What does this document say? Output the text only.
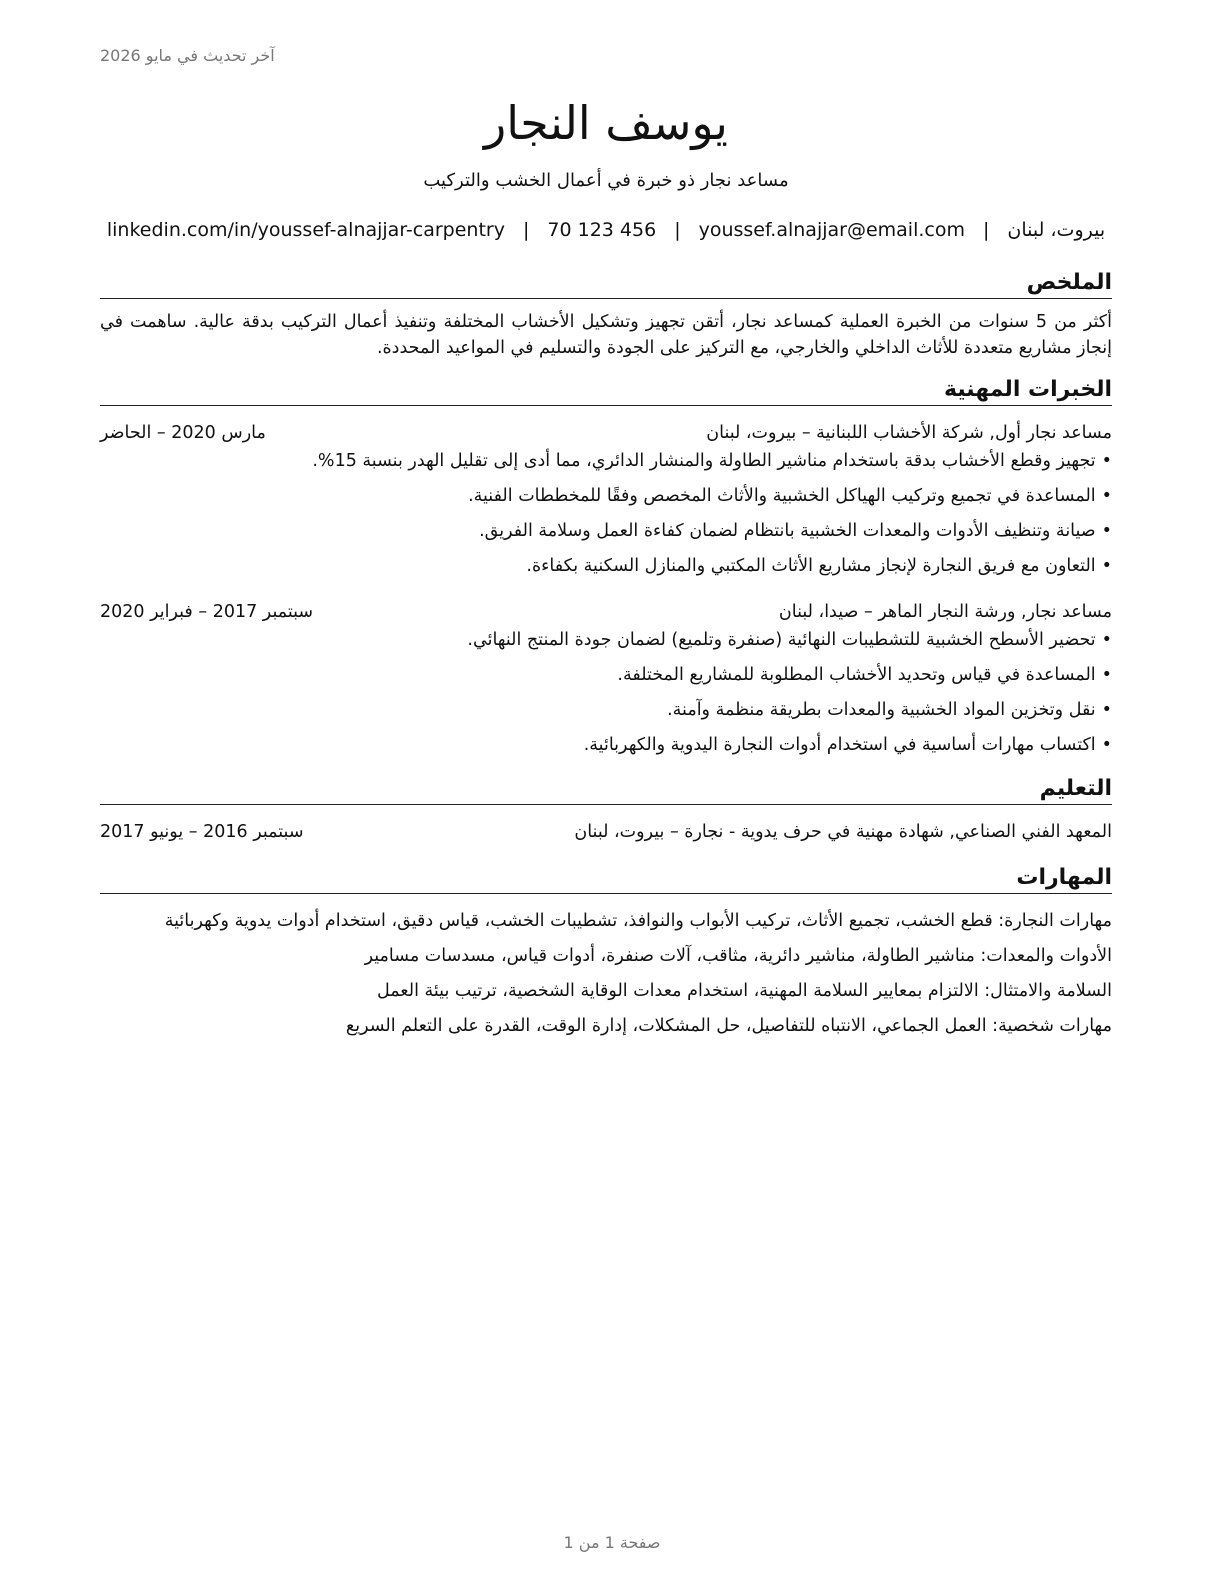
آخر تحديث في مايو 2026
يوسف النجار
مساعد نجار ذو خبرة في أعمال الخشب والتركيب
بيروت، لبنان
|
youssef.alnajjar@email.com
|
70 123 456
|
linkedin.com/in/youssef-alnajjar-carpentry
الملخص
أكثر من 5 سنوات من الخبرة العملية كمساعد نجار، أتقن تجهيز وتشكيل الأخشاب المختلفة وتنفيذ أعمال التركيب بدقة عالية. ساهمت في إنجاز مشاريع متعددة للأثاث الداخلي والخارجي، مع التركيز على الجودة والتسليم في المواعيد المحددة.
الخبرات المهنية
مساعد نجار أول, شركة الأخشاب اللبنانية – بيروت، لبنان
مارس 2020 – الحاضر
•تجهيز وقطع الأخشاب بدقة باستخدام مناشير الطاولة والمنشار الدائري، مما أدى إلى تقليل الهدر بنسبة 15%.
•المساعدة في تجميع وتركيب الهياكل الخشبية والأثاث المخصص وفقًا للمخططات الفنية.
•صيانة وتنظيف الأدوات والمعدات الخشبية بانتظام لضمان كفاءة العمل وسلامة الفريق.
•التعاون مع فريق النجارة لإنجاز مشاريع الأثاث المكتبي والمنازل السكنية بكفاءة.
مساعد نجار, ورشة النجار الماهر – صيدا، لبنان
سبتمبر 2017 – فبراير 2020
•تحضير الأسطح الخشبية للتشطيبات النهائية (صنفرة وتلميع) لضمان جودة المنتج النهائي.
•المساعدة في قياس وتحديد الأخشاب المطلوبة للمشاريع المختلفة.
•نقل وتخزين المواد الخشبية والمعدات بطريقة منظمة وآمنة.
•اكتساب مهارات أساسية في استخدام أدوات النجارة اليدوية والكهربائية.
التعليم
المعهد الفني الصناعي, شهادة مهنية في حرف يدوية - نجارة – بيروت، لبنان
سبتمبر 2016 – يونيو 2017
المهارات
مهارات النجارة: قطع الخشب، تجميع الأثاث، تركيب الأبواب والنوافذ، تشطيبات الخشب، قياس دقيق، استخدام أدوات يدوية وكهربائية
الأدوات والمعدات: مناشير الطاولة، مناشير دائرية، مثاقب، آلات صنفرة، أدوات قياس، مسدسات مسامير
السلامة والامتثال: الالتزام بمعايير السلامة المهنية، استخدام معدات الوقاية الشخصية، ترتيب بيئة العمل
مهارات شخصية: العمل الجماعي، الانتباه للتفاصيل، حل المشكلات، إدارة الوقت، القدرة على التعلم السريع
صفحة 1 من 1
